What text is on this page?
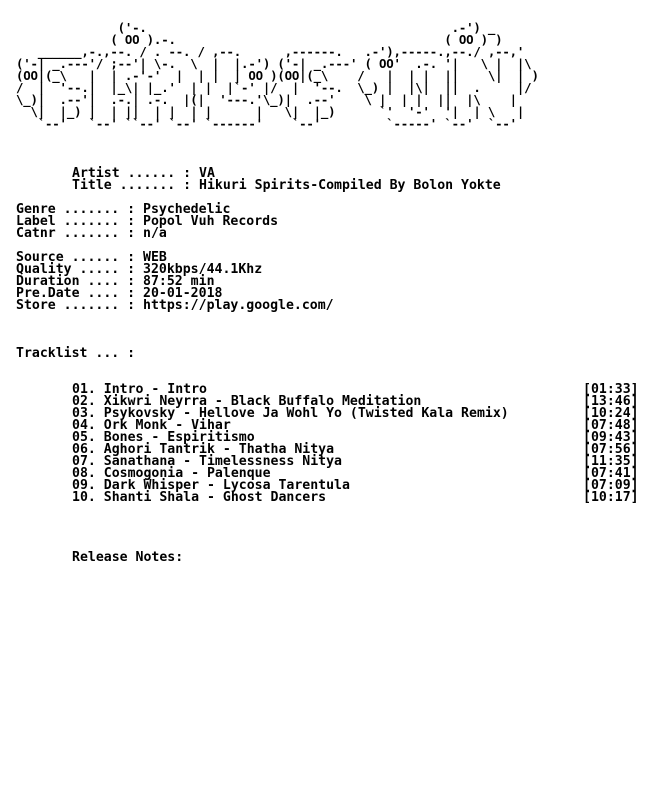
('-.                                          .-') _
( OO ).-.                                     ( OO ) )
______,-.,--. / . --. / ,--.      ,------.   .-'),-----.,--./ ,--,'
('-| _.---'/ ;--'| \-.  \  |  |.-') ('-| _.---' ( OO'  .-. '|   \ |  |\
(OO|(_\   |  | .-'-'  |  | |  | OO )(OO|(_\    /   |  | |  ||    \|  | )
/  |  '--.|  |_\| |_.'  | |  |`-' |/  |  '--.  \_) |  |\|  ||  .     |/
\_)|  .--'|  .-.| .-.  |(|  '---.'\_)|  .--'    \ |  | |  ||  |\    |
\|  |_) |  | ||  | |  | |      |   \|  |_)      `'  '-'  '|  | \   |
`--'   `--' ``--' `--' `------'    `--'         `-----' `--'  `--'
Artist ...... : VA
Title ....... : Hikuri Spirits-Compiled By Bolon Yokte
Genre ....... : Psychedelic
Label ....... : Popol Vuh Records
Catnr ....... : n/a
Source ...... : WEB
Quality ..... : 320kbps/44.1Khz
Duration .... : 87:52 min
Pre.Date .... : 20-01-2018
Store ....... : https://play.google.com/
Tracklist ... :
01. Intro - Intro	[01:33]
02. Xikwri Neyrra - Black Buffalo Meditation	[13:46]
03. Psykovsky - Hellove Ja Wohl Yo (Twisted Kala Remix)	[10:24]
04. Ork Monk - Vihar	[07:48]
05. Bones - Espiritismo	[09:43]
06. Aghori Tantrik - Thatha Nitya	[07:56]
07. Sanathana - Timelessness Nitya	[11:35]
08. Cosmogonia - Palenque	[07:41]
09. Dark Whisper - Lycosa Tarentula	[07:09]
10. Shanti Shala - Ghost Dancers	[10:17]
Release Notes:
